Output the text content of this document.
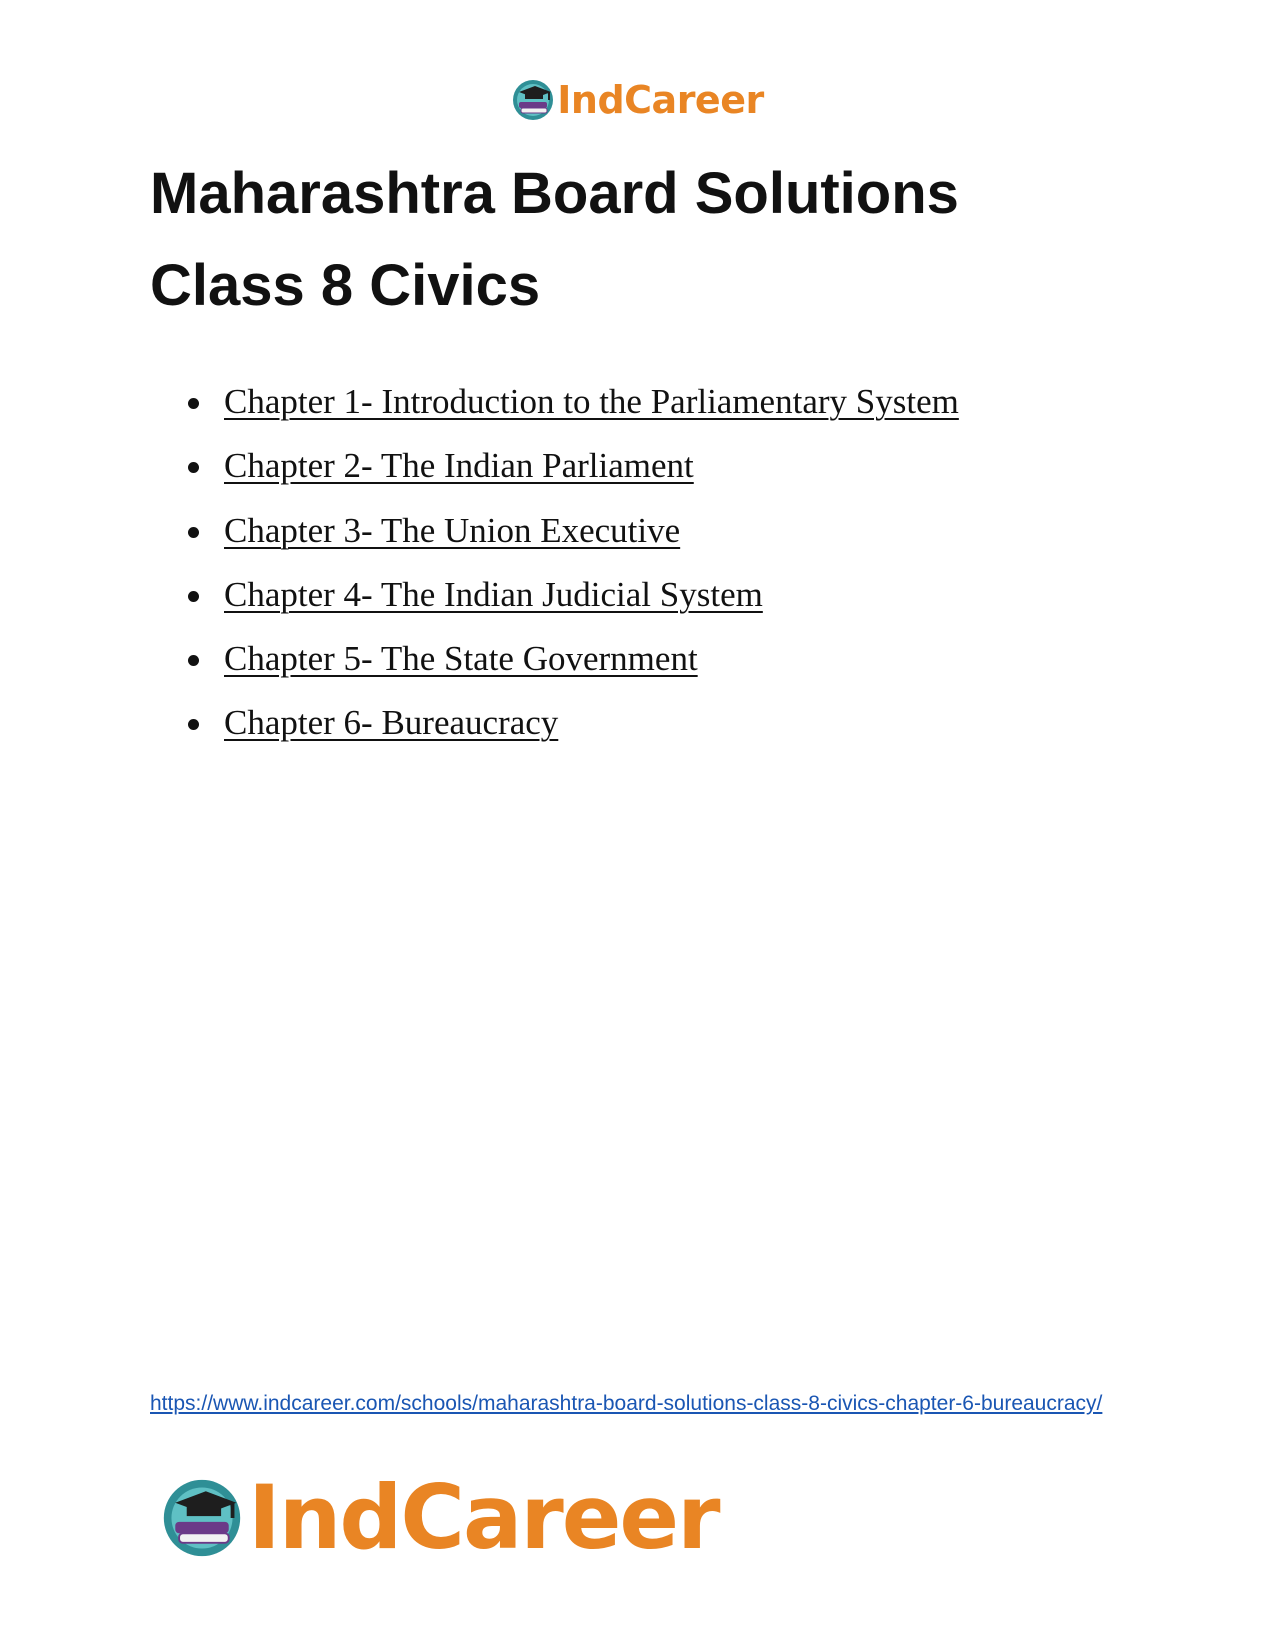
IndCareer
Maharashtra Board Solutions
Class 8 Civics
Chapter 1- Introduction to the Parliamentary System
Chapter 2- The Indian Parliament
Chapter 3- The Union Executive
Chapter 4- The Indian Judicial System
Chapter 5- The State Government
Chapter 6- Bureaucracy
https://www.indcareer.com/schools/maharashtra-board-solutions-class-8-civics-chapter-6-bureaucracy/
IndCareer
